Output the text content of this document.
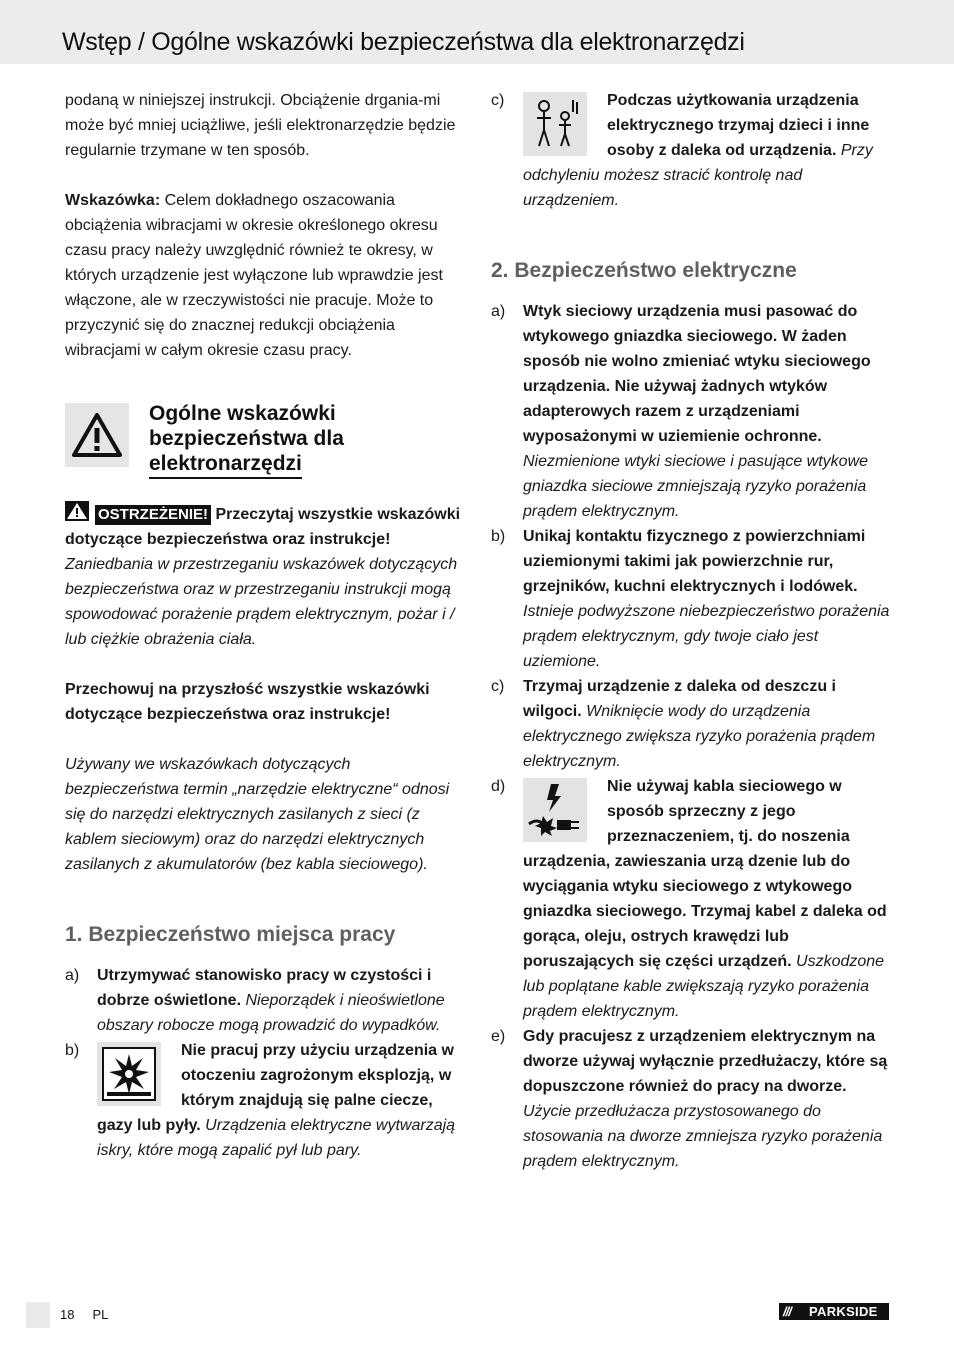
Wstęp / Ogólne wskazówki bezpieczeństwa dla elektronarzędzi

podaną w niniejszej instrukcji. Obciążenie drgania-mi może być mniej uciążliwe, jeśli elektronarzędzie będzie regularnie trzymane w ten sposób.

Wskazówka: Celem dokładnego oszacowania obciążenia wibracjami w okresie określonego okresu czasu pracy należy uwzględnić również te okresy, w których urządzenie jest wyłączone lub wprawdzie jest włączone, ale w rzeczywistości nie pracuje. Może to przyczynić się do znacznej redukcji obciążenia wibracjami w całym okresie czasu pracy.

Ogólne wskazówki
bezpieczeństwa dla
elektronarzędzi

OSTRZEŻENIE! Przeczytaj wszystkie wskazówki dotyczące bezpieczeństwa oraz instrukcje! Zaniedbania w przestrzeganiu wskazówek dotyczących bezpieczeństwa oraz w przestrzeganiu instrukcji mogą spowodować porażenie prądem elektrycznym, pożar i / lub ciężkie obrażenia ciała.

Przechowuj na przyszłość wszystkie wskazówki dotyczące bezpieczeństwa oraz instrukcje!

Używany we wskazówkach dotyczących bezpieczeństwa termin „narzędzie elektryczne“ odnosi się do narzędzi elektrycznych zasilanych z sieci (z kablem sieciowym) oraz do narzędzi elektrycznych zasilanych z akumulatorów (bez kabla sieciowego).

1. Bezpieczeństwo miejsca pracy

a) Utrzymywać stanowisko pracy w czystości i dobrze oświetlone. Nieporządek i nieoświetlone obszary robocze mogą prowadzić do wypadków.

b)	Nie pracuj przy użyciu urządzenia w otoczeniu zagrożonym eksplozją, w którym znajdują się palne ciecze, gazy lub pyły. Urządzenia elektryczne wytwarzają iskry, które mogą zapalić pył lub pary.

c)	Podczas użytkowania urządzenia elektrycznego trzymaj dzieci i inne osoby z daleka od urządzenia. Przy odchyleniu możesz stracić kontrolę nad urządzeniem.

2. Bezpieczeństwo elektryczne

a) Wtyk sieciowy urządzenia musi pasować do wtykowego gniazdka sieciowego. W żaden sposób nie wolno zmieniać wtyku sieciowego urządzenia. Nie używaj żadnych wtyków adapterowych razem z urządzeniami wyposażonymi w uziemienie ochronne. Niezmienione wtyki sieciowe i pasujące wtykowe gniazdka sieciowe zmniejszają ryzyko porażenia prądem elektrycznym.

b) Unikaj kontaktu fizycznego z powierzchniami uziemionymi takimi jak powierzchnie rur, grzejników, kuchni elektrycznych i lodówek. Istnieje podwyższone niebezpieczeństwo porażenia prądem elektrycznym, gdy twoje ciało jest uziemione.

c) Trzymaj urządzenie z daleka od deszczu i wilgoci. Wniknięcie wody do urządzenia elektrycznego zwiększa ryzyko porażenia prądem elektrycznym.

d)	Nie używaj kabla sieciowego w sposób sprzeczny z jego przeznaczeniem, tj. do noszenia urządzenia, zawieszania urzą dzenie lub do wyciągania wtyku sieciowego z wtykowego gniazdka sieciowego. Trzymaj kabel z daleka od gorąca, oleju, ostrych krawędzi lub poruszających się części urządzeń. Uszkodzone lub poplątane kable zwiększają ryzyko porażenia prądem elektrycznym.

e) Gdy pracujesz z urządzeniem elektrycznym na dworze używaj wyłącznie przedłużaczy, które są dopuszczone również do pracy na dworze. Użycie przedłużacza przystosowanego do stosowania na dworze zmniejsza ryzyko porażenia prądem elektrycznym.

18 PL	/// PARKSIDE
